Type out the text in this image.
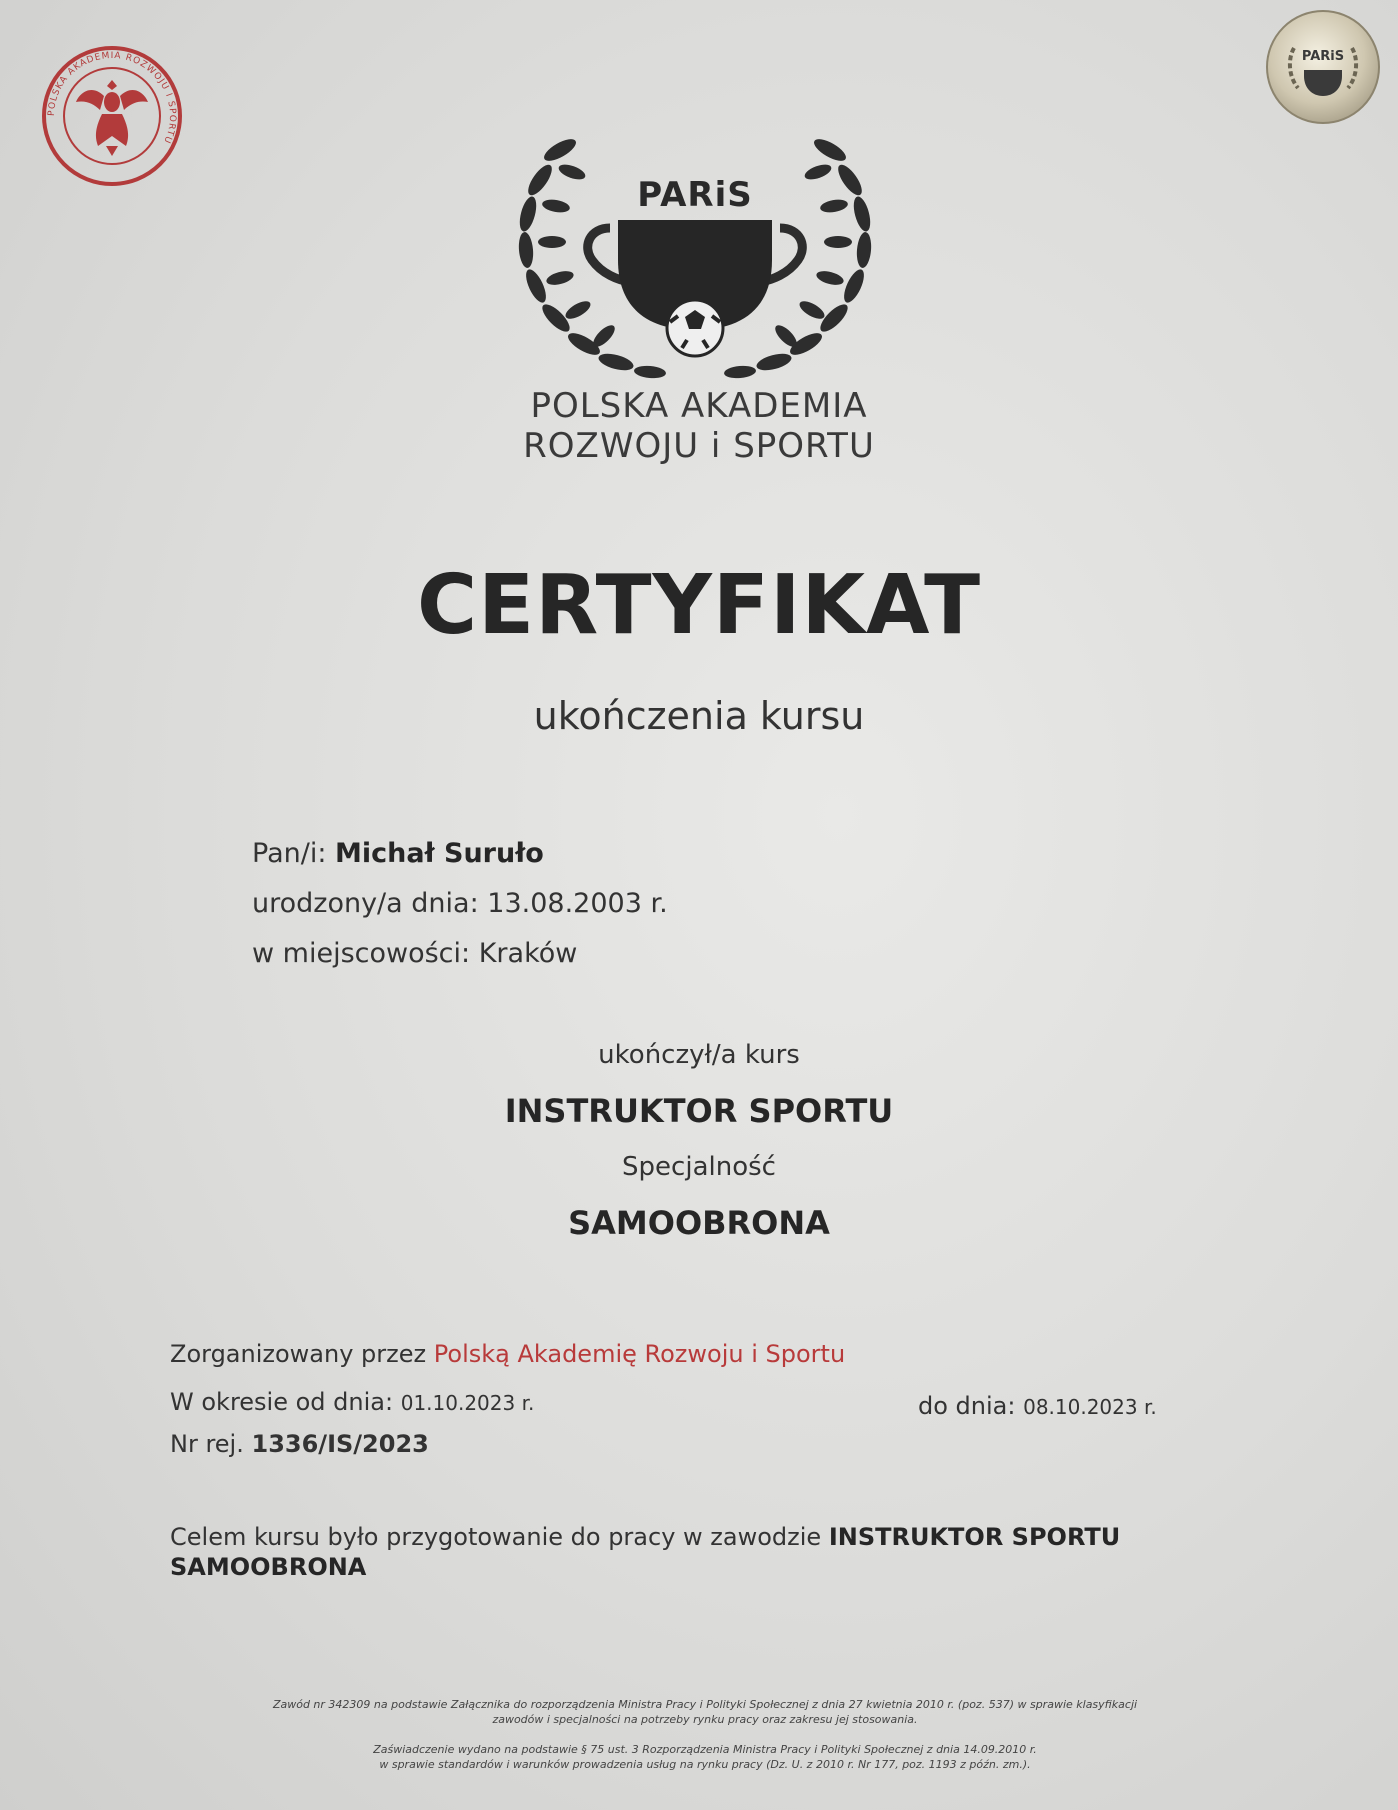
POLSKA AKADEMIA ROZWOJU I SPORTU
PARiS
PARiS
POLSKA AKADEMIA
ROZWOJU i SPORTU
CERTYFIKAT
ukończenia kursu
Pan/i: Michał Suruło
urodzony/a dnia: 13.08.2003 r.
w miejscowości: Kraków
ukończył/a kurs
INSTRUKTOR SPORTU
Specjalność
SAMOOBRONA
Zorganizowany przez Polską Akademię Rozwoju i Sportu
W okresie od dnia: 01.10.2023 r.	do dnia: 08.10.2023 r.
Nr rej. 1336/IS/2023
Celem kursu było przygotowanie do pracy w zawodzie INSTRUKTOR SPORTU
SAMOOBRONA
Zawód nr 342309 na podstawie Załącznika do rozporządzenia Ministra Pracy i Polityki Społecznej z dnia 27 kwietnia 2010 r. (poz. 537) w sprawie klasyfikacji
zawodów i specjalności na potrzeby rynku pracy oraz zakresu jej stosowania.
Zaświadczenie wydano na podstawie § 75 ust. 3 Rozporządzenia Ministra Pracy i Polityki Społecznej z dnia 14.09.2010 r.
w sprawie standardów i warunków prowadzenia usług na rynku pracy (Dz. U. z 2010 r. Nr 177, poz. 1193 z późn. zm.).
